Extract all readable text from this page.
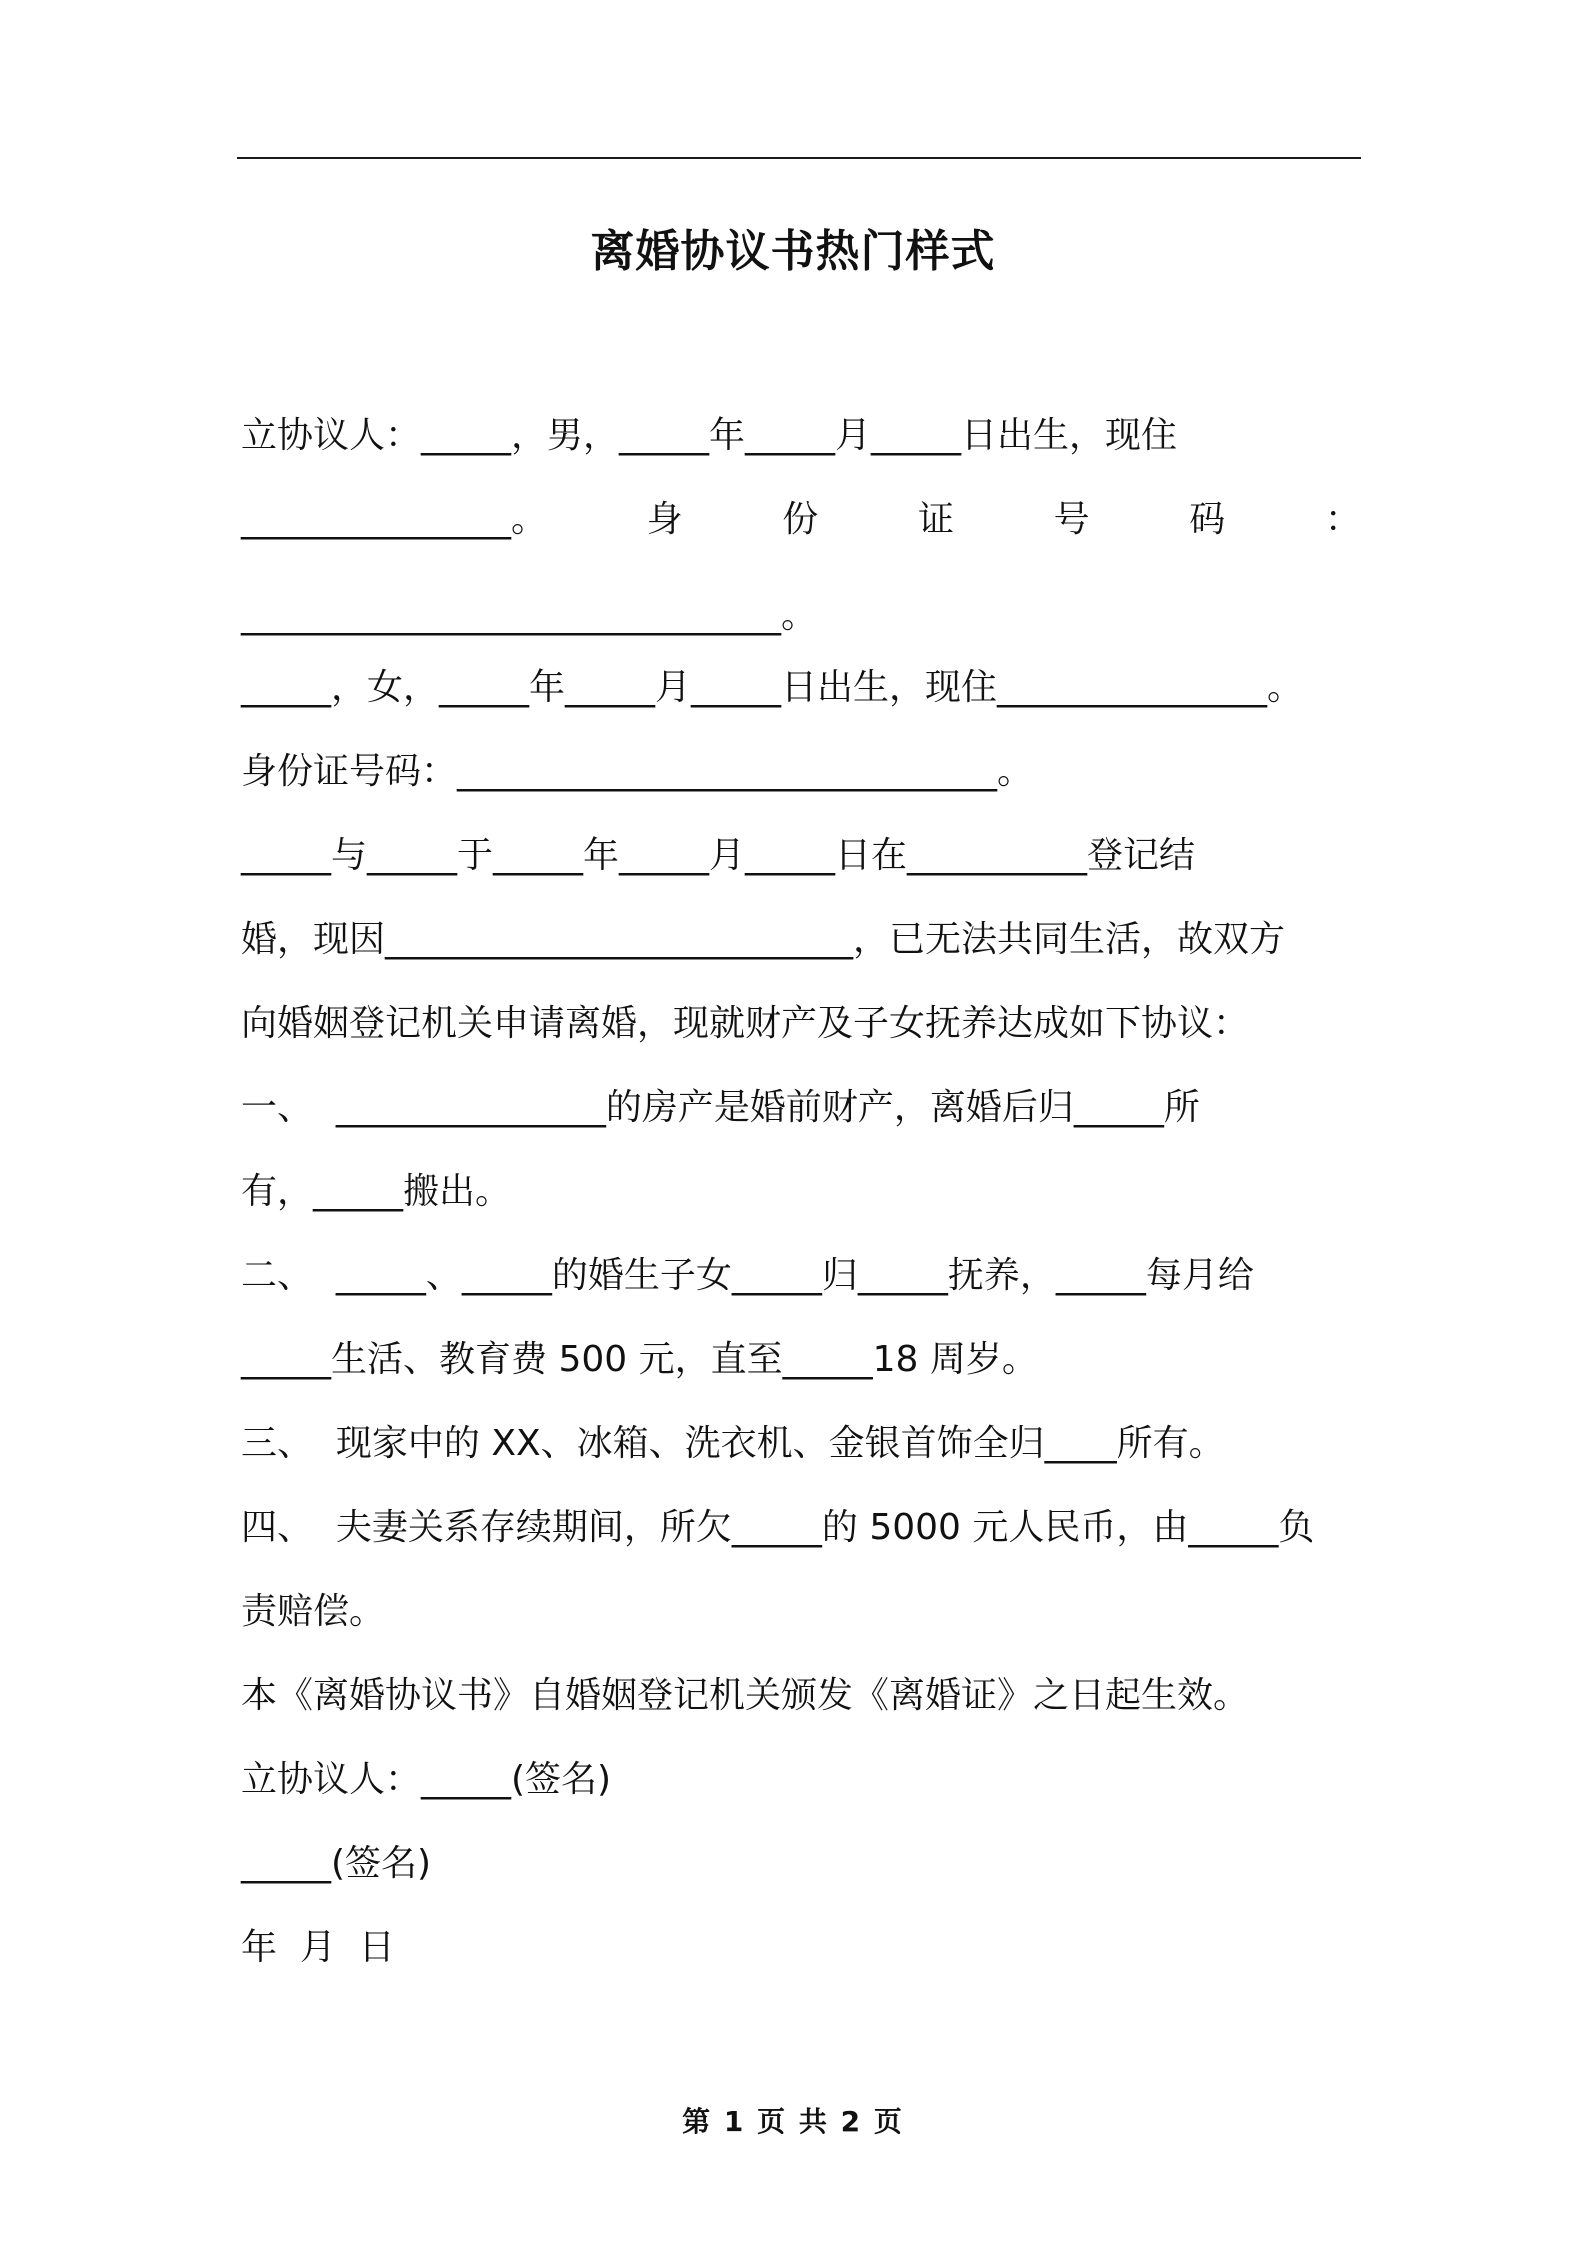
离婚协议书热门样式
立协议人：_____，男，_____年_____月_____日出生，现住
_______________。	身	份	证	号	码	：
______________________________。
_____，女，_____年_____月_____日出生，现住_______________。
身份证号码：______________________________。
_____与_____于_____年_____月_____日在__________登记结
婚，现因__________________________，已无法共同生活，故双方
向婚姻登记机关申请离婚，现就财产及子女抚养达成如下协议：
一、  _______________的房产是婚前财产，离婚后归_____所
有，_____搬出。
二、  _____、_____的婚生子女_____归_____抚养，_____每月给
_____生活、教育费 500 元，直至_____18 周岁。
三、  现家中的 XX、冰箱、洗衣机、金银首饰全归____所有。
四、  夫妻关系存续期间，所欠_____的 5000 元人民币，由_____负
责赔偿。
本《离婚协议书》自婚姻登记机关颁发《离婚证》之日起生效。
立协议人：_____(签名)
_____(签名)
年  月  日
第 1 页 共 2 页
